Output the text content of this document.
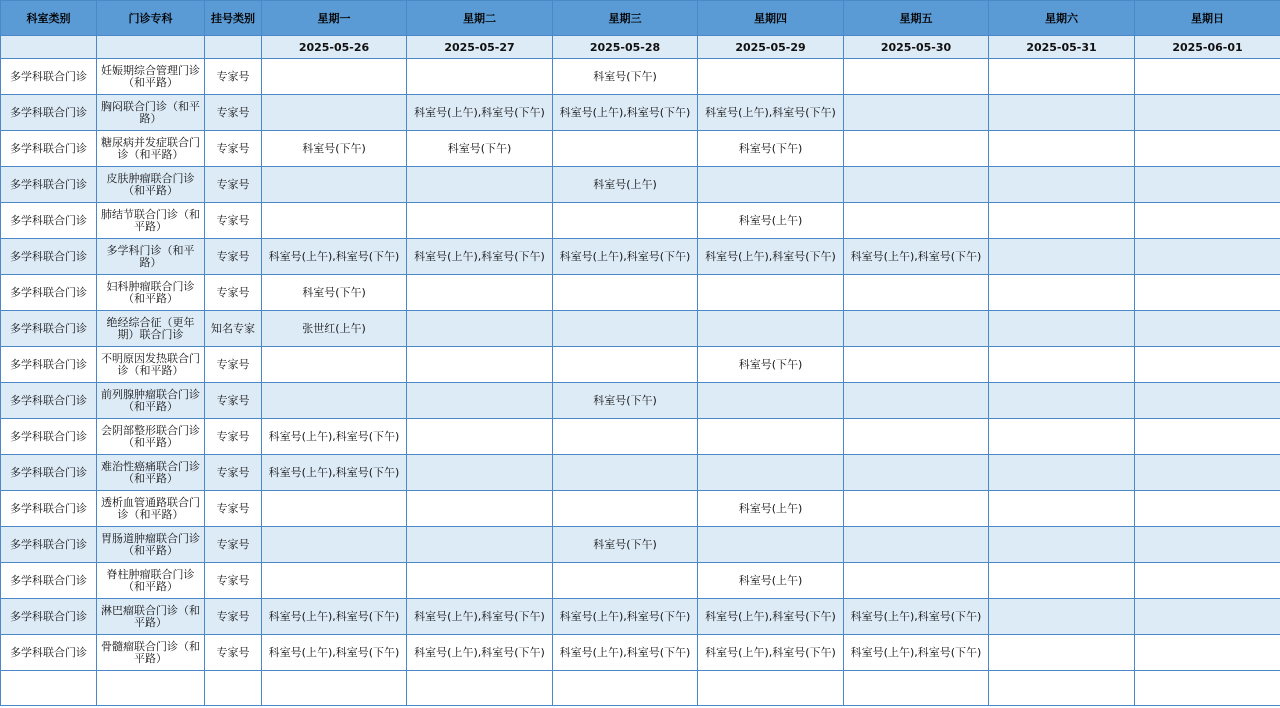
科室类别	门诊专科	挂号类别	星期一	星期二	星期三	星期四	星期五	星期六	星期日
			2025-05-26	2025-05-27	2025-05-28	2025-05-29	2025-05-30	2025-05-31	2025-06-01
多学科联合门诊	妊娠期综合管理门诊（和平路）	专家号			科室号(下午)				
多学科联合门诊	胸闷联合门诊（和平路）	专家号		科室号(上午),科室号(下午)	科室号(上午),科室号(下午)	科室号(上午),科室号(下午)			
多学科联合门诊	糖尿病并发症联合门诊（和平路）	专家号	科室号(下午)	科室号(下午)		科室号(下午)			
多学科联合门诊	皮肤肿瘤联合门诊（和平路）	专家号			科室号(上午)				
多学科联合门诊	肺结节联合门诊（和平路）	专家号				科室号(上午)			
多学科联合门诊	多学科门诊（和平路）	专家号	科室号(上午),科室号(下午)	科室号(上午),科室号(下午)	科室号(上午),科室号(下午)	科室号(上午),科室号(下午)	科室号(上午),科室号(下午)		
多学科联合门诊	妇科肿瘤联合门诊（和平路）	专家号	科室号(下午)						
多学科联合门诊	绝经综合征（更年期）联合门诊	知名专家	张世红(上午)						
多学科联合门诊	不明原因发热联合门诊（和平路）	专家号				科室号(下午)			
多学科联合门诊	前列腺肿瘤联合门诊（和平路）	专家号			科室号(下午)				
多学科联合门诊	会阴部整形联合门诊（和平路）	专家号	科室号(上午),科室号(下午)						
多学科联合门诊	难治性癌痛联合门诊（和平路）	专家号	科室号(上午),科室号(下午)						
多学科联合门诊	透析血管通路联合门诊（和平路）	专家号				科室号(上午)			
多学科联合门诊	胃肠道肿瘤联合门诊（和平路）	专家号			科室号(下午)				
多学科联合门诊	脊柱肿瘤联合门诊（和平路）	专家号				科室号(上午)			
多学科联合门诊	淋巴瘤联合门诊（和平路）	专家号	科室号(上午),科室号(下午)	科室号(上午),科室号(下午)	科室号(上午),科室号(下午)	科室号(上午),科室号(下午)	科室号(上午),科室号(下午)		
多学科联合门诊	骨髓瘤联合门诊（和平路）	专家号	科室号(上午),科室号(下午)	科室号(上午),科室号(下午)	科室号(上午),科室号(下午)	科室号(上午),科室号(下午)	科室号(上午),科室号(下午)		
